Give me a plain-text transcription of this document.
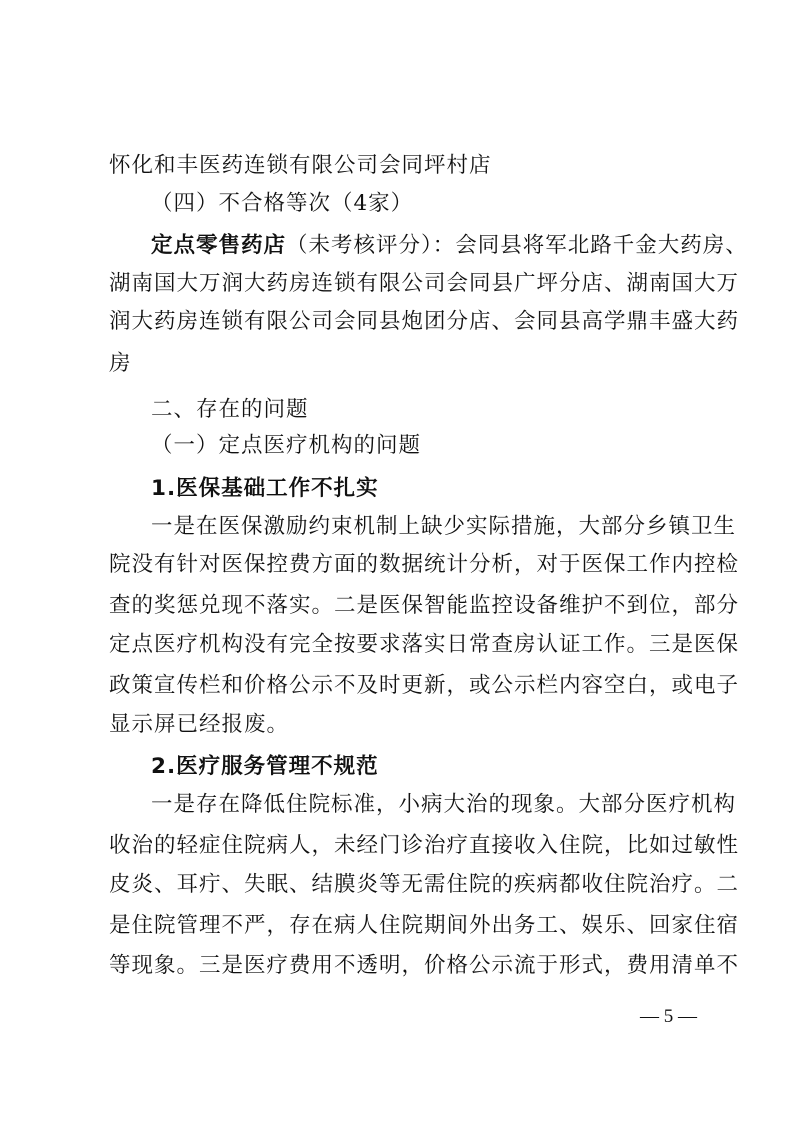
怀化和丰医药连锁有限公司会同坪村店
（四）不合格等次（4家）
定点零售药店（未考核评分）：会同县将军北路千金大药房、
湖南国大万润大药房连锁有限公司会同县广坪分店、湖南国大万
润大药房连锁有限公司会同县炮团分店、会同县高学鼎丰盛大药
房
二、存在的问题
（一）定点医疗机构的问题
1.医保基础工作不扎实
一是在医保激励约束机制上缺少实际措施，大部分乡镇卫生
院没有针对医保控费方面的数据统计分析，对于医保工作内控检
查的奖惩兑现不落实。二是医保智能监控设备维护不到位，部分
定点医疗机构没有完全按要求落实日常查房认证工作。三是医保
政策宣传栏和价格公示不及时更新，或公示栏内容空白，或电子
显示屏已经报废。
2.医疗服务管理不规范
一是存在降低住院标准，小病大治的现象。大部分医疗机构
收治的轻症住院病人，未经门诊治疗直接收入住院，比如过敏性
皮炎、耳疔、失眠、结膜炎等无需住院的疾病都收住院治疗。二
是住院管理不严，存在病人住院期间外出务工、娱乐、回家住宿
等现象。三是医疗费用不透明，价格公示流于形式，费用清单不
— 5 —
